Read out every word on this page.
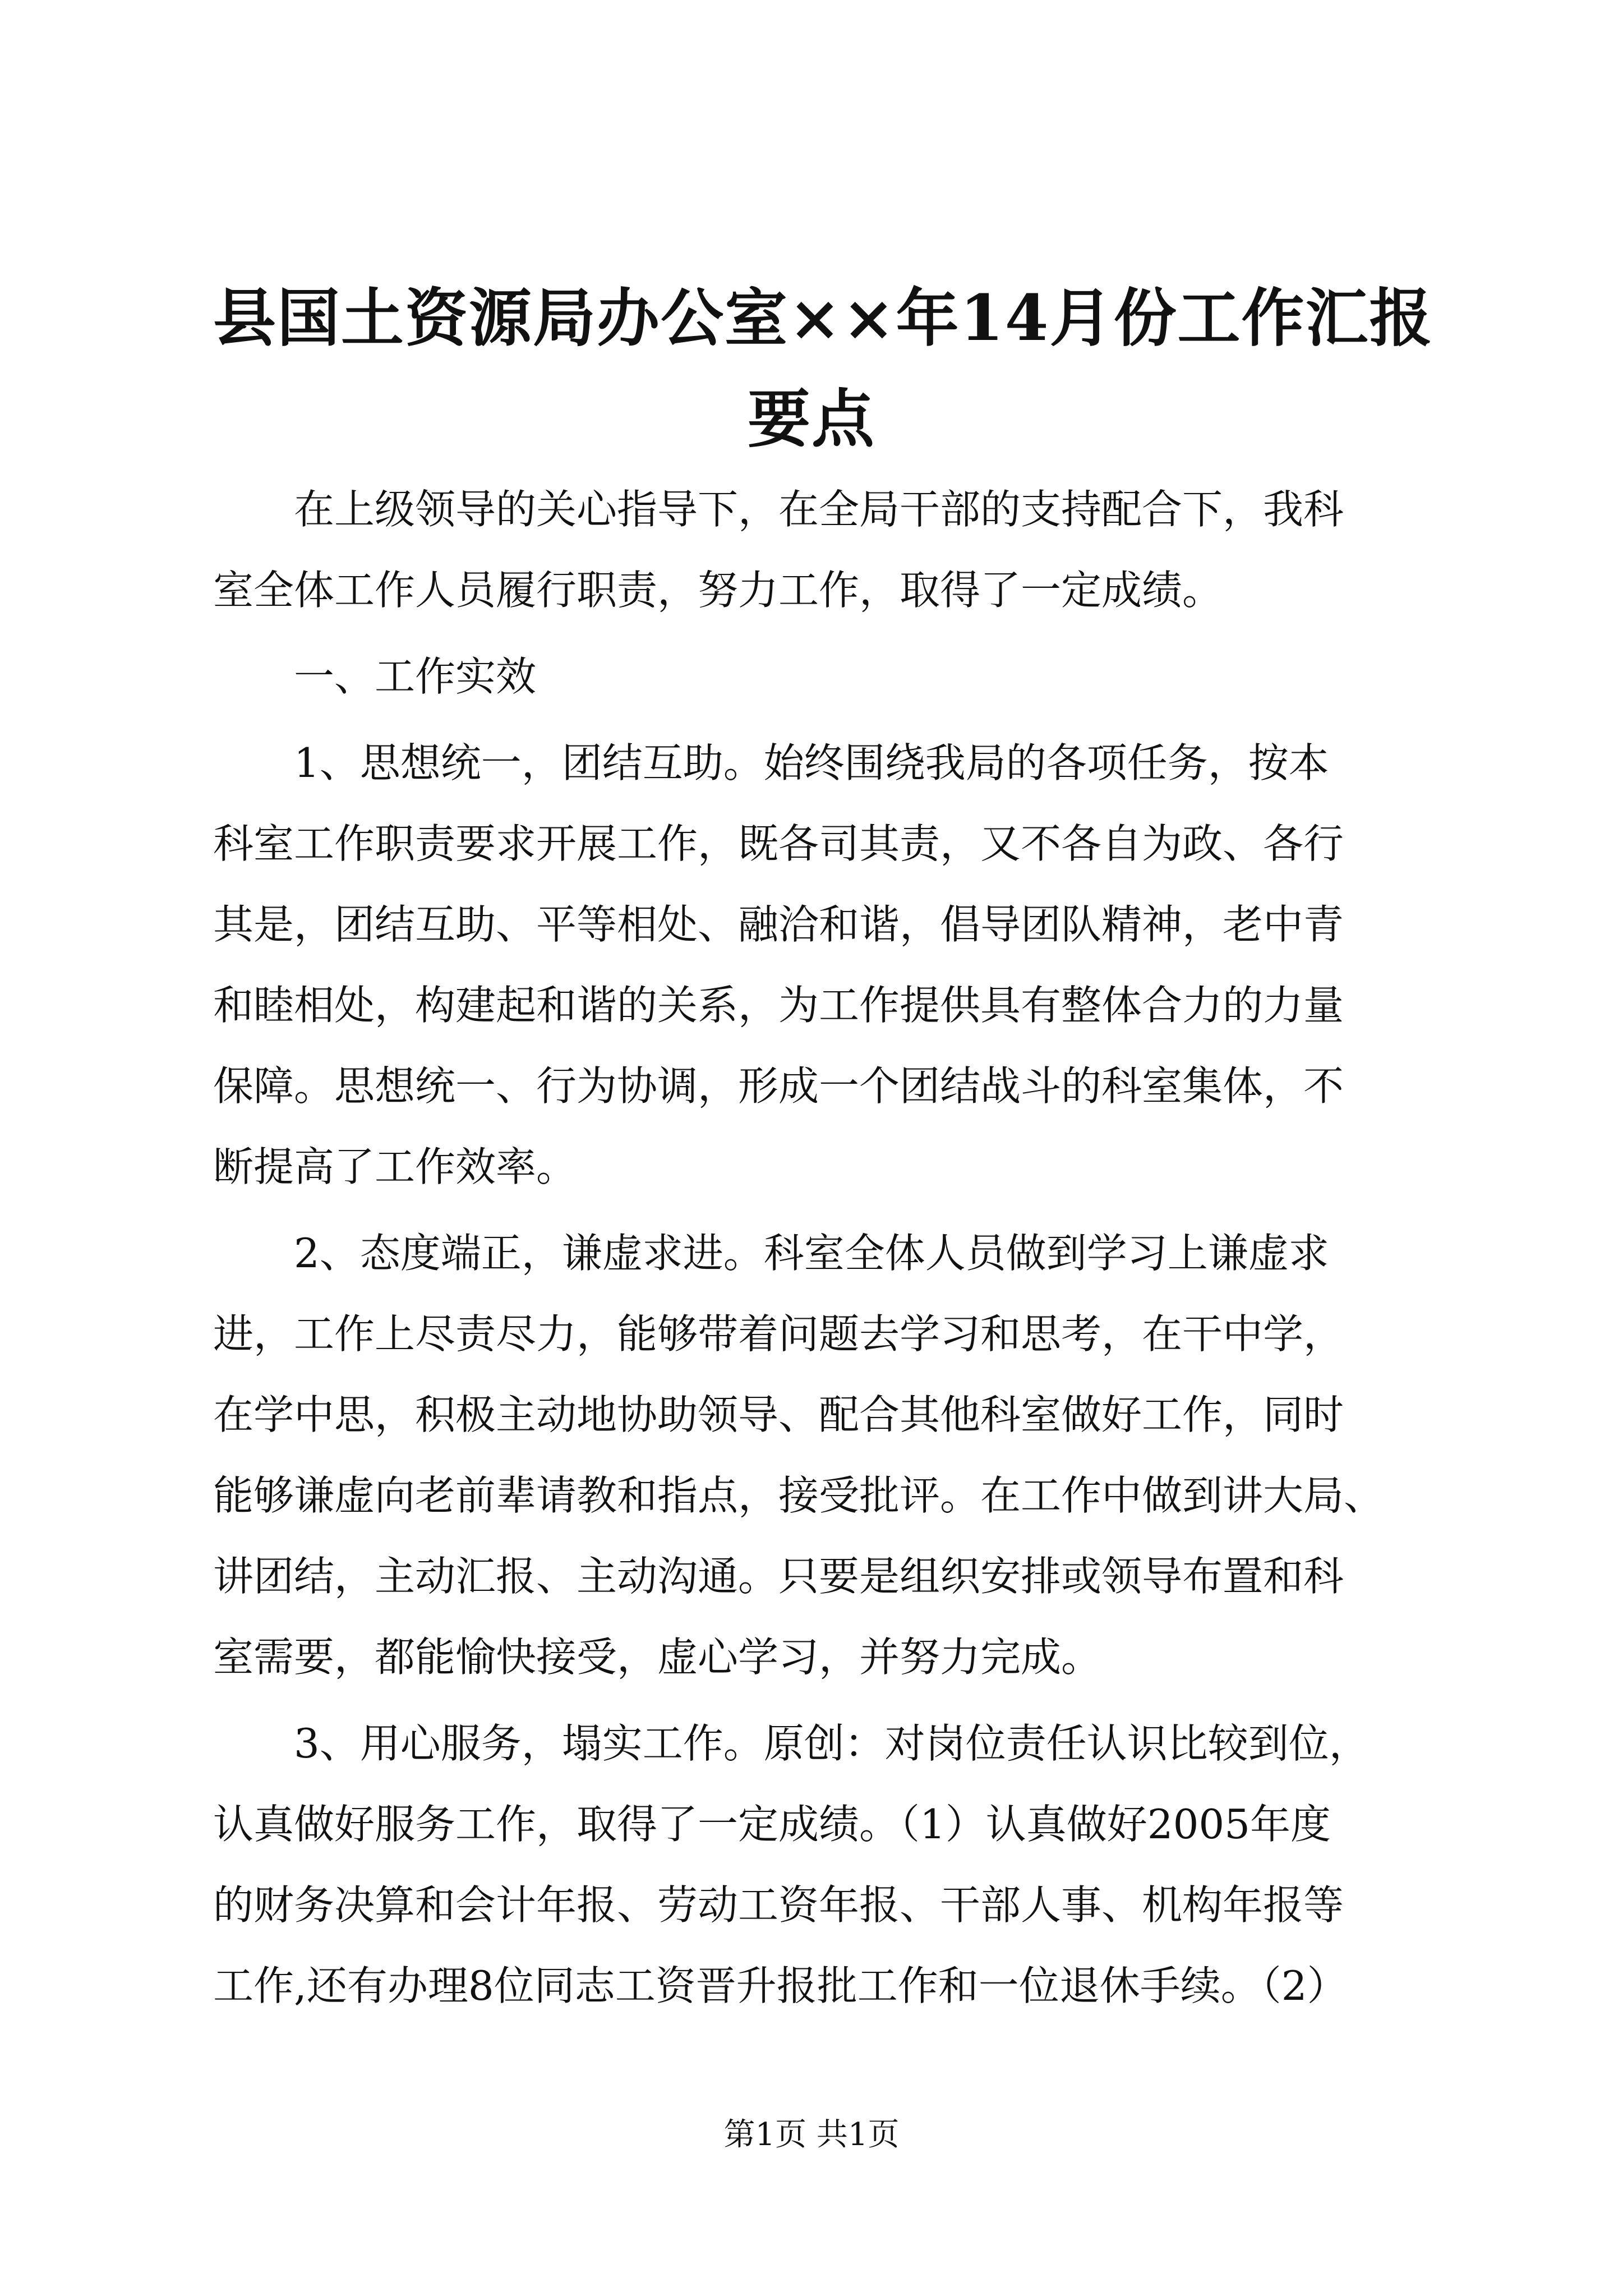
县国土资源局办公室××年14月份工作汇报
要点

　　在上级领导的关心指导下，在全局干部的支持配合下，我科

室全体工作人员履行职责，努力工作，取得了一定成绩。

　　一、工作实效

　　1、思想统一，团结互助。始终围绕我局的各项任务，按本

科室工作职责要求开展工作，既各司其责，又不各自为政、各行

其是，团结互助、平等相处、融洽和谐，倡导团队精神，老中青

和睦相处，构建起和谐的关系，为工作提供具有整体合力的力量

保障。思想统一、行为协调，形成一个团结战斗的科室集体，不

断提高了工作效率。

　　2、态度端正，谦虚求进。科室全体人员做到学习上谦虚求

进，工作上尽责尽力，能够带着问题去学习和思考，在干中学，

在学中思，积极主动地协助领导、配合其他科室做好工作，同时

能够谦虚向老前辈请教和指点，接受批评。在工作中做到讲大局、

讲团结，主动汇报、主动沟通。只要是组织安排或领导布置和科

室需要，都能愉快接受，虚心学习，并努力完成。

　　3、用心服务，塌实工作。原创：对岗位责任认识比较到位，

认真做好服务工作，取得了一定成绩。（1）认真做好2005年度

的财务决算和会计年报、劳动工资年报、干部人事、机构年报等

工作,还有办理8位同志工资晋升报批工作和一位退休手续。（2）

第1页 共1页
